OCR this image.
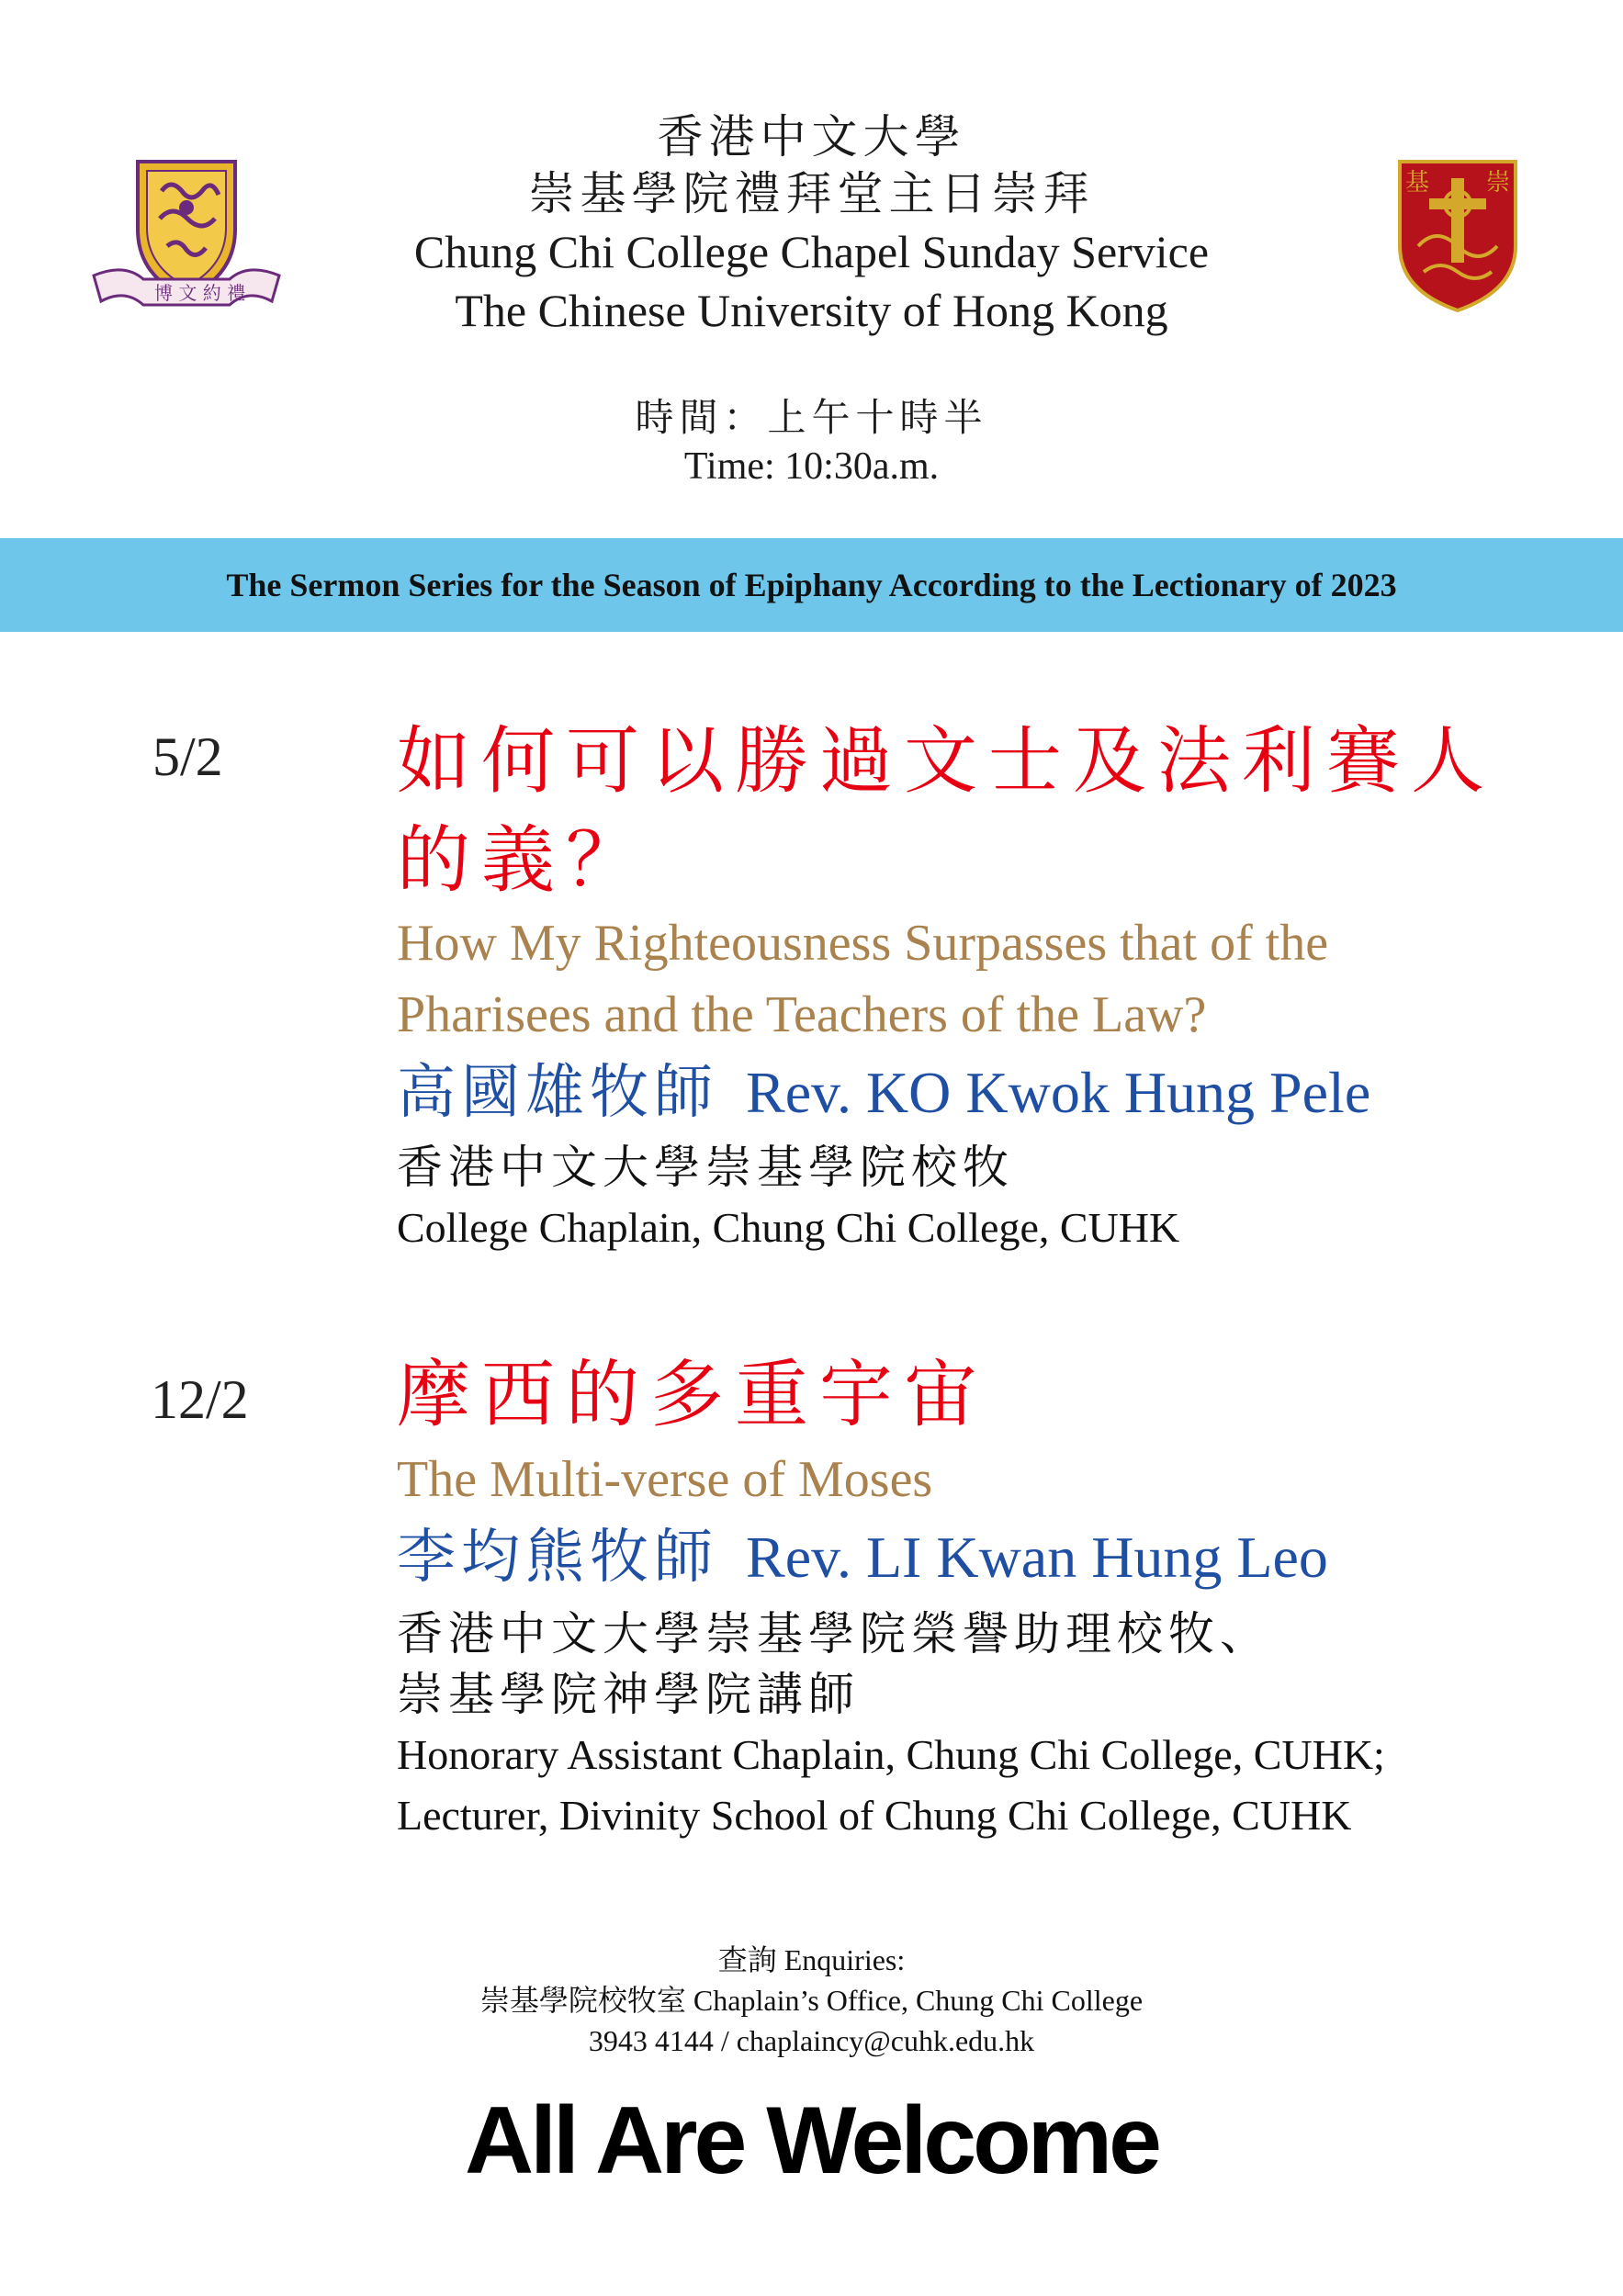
博 文 約 禮
基 崇
香港中文大學
崇基學院禮拜堂主日崇拜
Chung Chi College Chapel Sunday Service
The Chinese University of Hong Kong
時間：上午十時半
Time: 10:30a.m.
The Sermon Series for the Season of Epiphany According to the Lectionary of 2023
5/2 如何可以勝過文士及法利賽人
的義？
How My Righteousness Surpasses that of the
Pharisees and the Teachers of the Law?
高國雄牧師 Rev. KO Kwok Hung Pele
香港中文大學崇基學院校牧
College Chaplain, Chung Chi College, CUHK
12/2 摩西的多重宇宙
The Multi-verse of Moses
李均熊牧師 Rev. LI Kwan Hung Leo
香港中文大學崇基學院榮譽助理校牧、
崇基學院神學院講師
Honorary Assistant Chaplain, Chung Chi College, CUHK;
Lecturer, Divinity School of Chung Chi College, CUHK
查詢 Enquiries:
崇基學院校牧室 Chaplain’s Office, Chung Chi College
3943 4144 / chaplaincy@cuhk.edu.hk
All Are Welcome
